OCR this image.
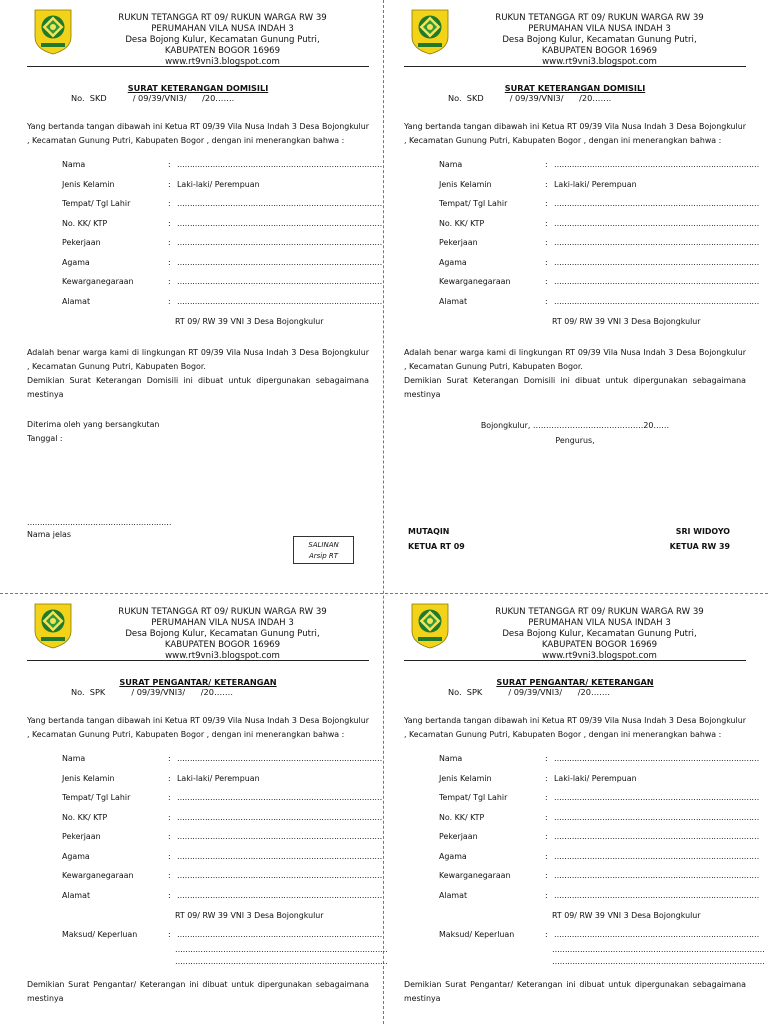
RUKUN TETANGGA RT 09/ RUKUN WARGA RW 39
PERUMAHAN VILA NUSA INDAH 3
Desa Bojong Kulur, Kecamatan Gunung Putri,
KABUPATEN BOGOR 16969
www.rt9vni3.blogspot.com
SURAT KETERANGAN DOMISILI
No.  SKD          / 09/39/VNI3/      /20…….
Yang bertanda tangan dibawah ini Ketua RT 09/39 Vila Nusa Indah 3 Desa Bojongkulur , Kecamatan Gunung Putri, Kabupaten Bogor , dengan ini menerangkan bahwa :
Nama	: ………………………………………………………………………
Jenis Kelamin	: Laki-laki/ Perempuan
Tempat/ Tgl Lahir	: ………………………………………………………………………
No. KK/ KTP	: ………………………………………………………………………
Pekerjaan	: ………………………………………………………………………
Agama	: ………………………………………………………………………
Kewarganegaraan	: ………………………………………………………………………
Alamat	: ………………………………………………………………………
RT 09/ RW 39 VNI 3 Desa Bojongkulur
Adalah benar warga kami di lingkungan RT 09/39 Vila Nusa Indah 3 Desa Bojongkulur , Kecamatan Gunung Putri, Kabupaten Bogor.
Demikian Surat Keterangan Domisili ini dibuat untuk dipergunakan sebagaimana mestinya
Diterima oleh yang bersangkutan
Tanggal :
…………………………………………………
Nama jelas
SALINAN
Arsip RT
RUKUN TETANGGA RT 09/ RUKUN WARGA RW 39
PERUMAHAN VILA NUSA INDAH 3
Desa Bojong Kulur, Kecamatan Gunung Putri,
KABUPATEN BOGOR 16969
www.rt9vni3.blogspot.com
SURAT KETERANGAN DOMISILI
No.  SKD          / 09/39/VNI3/      /20…….
Yang bertanda tangan dibawah ini Ketua RT 09/39 Vila Nusa Indah 3 Desa Bojongkulur , Kecamatan Gunung Putri, Kabupaten Bogor , dengan ini menerangkan bahwa :
Nama	: ………………………………………………………………………
Jenis Kelamin	: Laki-laki/ Perempuan
Tempat/ Tgl Lahir	: ………………………………………………………………………
No. KK/ KTP	: ………………………………………………………………………
Pekerjaan	: ………………………………………………………………………
Agama	: ………………………………………………………………………
Kewarganegaraan	: ………………………………………………………………………
Alamat	: ………………………………………………………………………
RT 09/ RW 39 VNI 3 Desa Bojongkulur
Adalah benar warga kami di lingkungan RT 09/39 Vila Nusa Indah 3 Desa Bojongkulur , Kecamatan Gunung Putri, Kabupaten Bogor.
Demikian Surat Keterangan Domisili ini dibuat untuk dipergunakan sebagaimana mestinya
Bojongkulur, ……………………………………20……
Pengurus,
MUTAQIN
KETUA RT 09
SRI WIDOYO
KETUA RW 39
RUKUN TETANGGA RT 09/ RUKUN WARGA RW 39
PERUMAHAN VILA NUSA INDAH 3
Desa Bojong Kulur, Kecamatan Gunung Putri,
KABUPATEN BOGOR 16969
www.rt9vni3.blogspot.com
SURAT PENGANTAR/ KETERANGAN
No.  SPK          / 09/39/VNI3/      /20…….
Yang bertanda tangan dibawah ini Ketua RT 09/39 Vila Nusa Indah 3 Desa Bojongkulur , Kecamatan Gunung Putri, Kabupaten Bogor , dengan ini menerangkan bahwa :
Nama	: ………………………………………………………………………
Jenis Kelamin	: Laki-laki/ Perempuan
Tempat/ Tgl Lahir	: ………………………………………………………………………
No. KK/ KTP	: ………………………………………………………………………
Pekerjaan	: ………………………………………………………………………
Agama	: ………………………………………………………………………
Kewarganegaraan	: ………………………………………………………………………
Alamat	: ………………………………………………………………………
RT 09/ RW 39 VNI 3 Desa Bojongkulur
Maksud/ Keperluan	: ………………………………………………………………………
…………………………………………………………………………
…………………………………………………………………………
Demikian Surat Pengantar/ Keterangan ini dibuat untuk dipergunakan sebagaimana mestinya
RUKUN TETANGGA RT 09/ RUKUN WARGA RW 39
PERUMAHAN VILA NUSA INDAH 3
Desa Bojong Kulur, Kecamatan Gunung Putri,
KABUPATEN BOGOR 16969
www.rt9vni3.blogspot.com
SURAT PENGANTAR/ KETERANGAN
No.  SPK          / 09/39/VNI3/      /20…….
Yang bertanda tangan dibawah ini Ketua RT 09/39 Vila Nusa Indah 3 Desa Bojongkulur , Kecamatan Gunung Putri, Kabupaten Bogor , dengan ini menerangkan bahwa :
Nama	: ………………………………………………………………………
Jenis Kelamin	: Laki-laki/ Perempuan
Tempat/ Tgl Lahir	: ………………………………………………………………………
No. KK/ KTP	: ………………………………………………………………………
Pekerjaan	: ………………………………………………………………………
Agama	: ………………………………………………………………………
Kewarganegaraan	: ………………………………………………………………………
Alamat	: ………………………………………………………………………
RT 09/ RW 39 VNI 3 Desa Bojongkulur
Maksud/ Keperluan	: ………………………………………………………………………
…………………………………………………………………………
…………………………………………………………………………
Demikian Surat Pengantar/ Keterangan ini dibuat untuk dipergunakan sebagaimana mestinya
